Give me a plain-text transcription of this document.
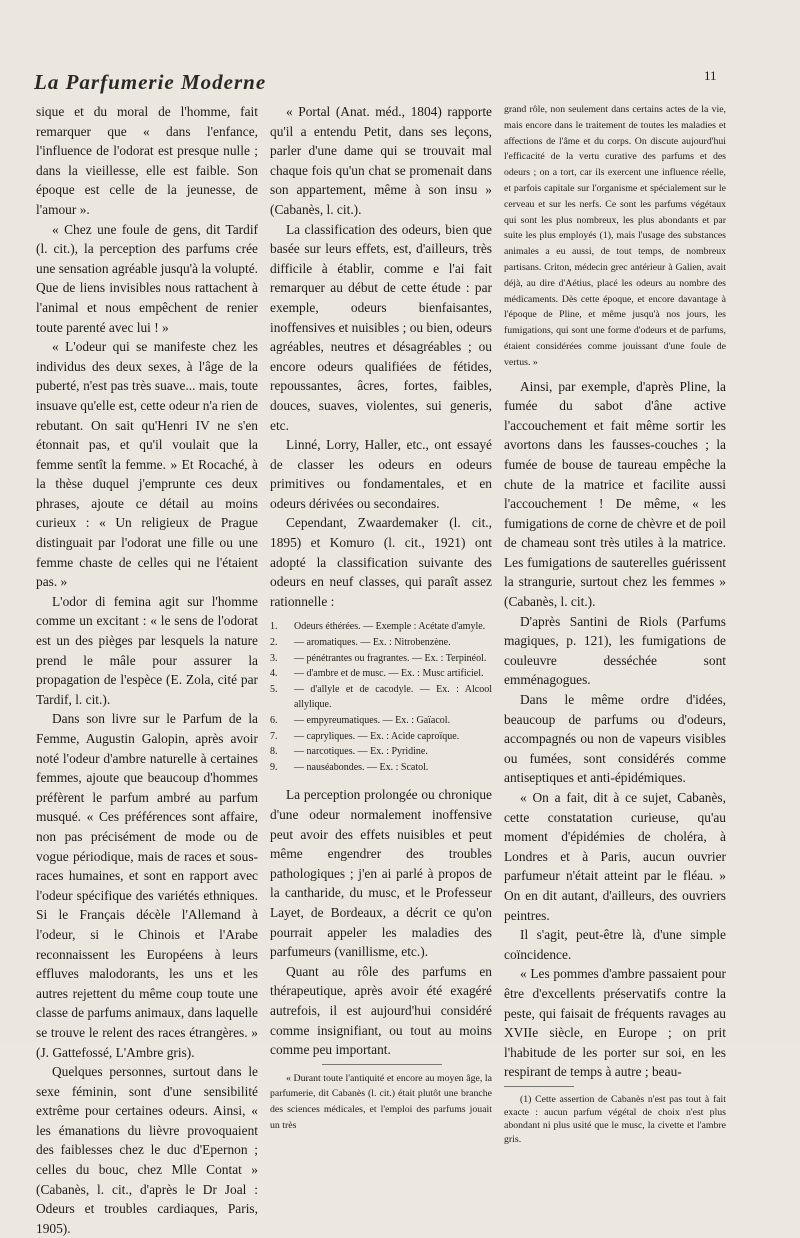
La Parfumerie Moderne	11

sique et du moral de l'homme, fait remarquer que « dans l'enfance, l'influence de l'odorat est presque nulle ; dans la vieillesse, elle est faible. Son époque est celle de la jeunesse, de l'amour ».

« Chez une foule de gens, dit Tardif (l. cit.), la perception des parfums crée une sensation agréable jusqu'à la volupté. Que de liens invisibles nous rattachent à l'animal et nous empêchent de renier toute parenté avec lui ! »

« L'odeur qui se manifeste chez les individus des deux sexes, à l'âge de la puberté, n'est pas très suave... mais, toute insuave qu'elle est, cette odeur n'a rien de rebutant. On sait qu'Henri IV ne s'en étonnait pas, et qu'il voulait que la femme sentît la femme. » Et Rocaché, à la thèse duquel j'emprunte ces deux phrases, ajoute ce détail au moins curieux : « Un religieux de Prague distinguait par l'odorat une fille ou une femme chaste de celles qui ne l'étaient pas. »

L'odor di femina agit sur l'homme comme un excitant : « le sens de l'odorat est un des pièges par lesquels la nature prend le mâle pour assurer la propagation de l'espèce (E. Zola, cité par Tardif, l. cit.).

Dans son livre sur le Parfum de la Femme, Augustin Galopin, après avoir noté l'odeur d'ambre naturelle à certaines femmes, ajoute que beaucoup d'hommes préfèrent le parfum ambré au parfum musqué. « Ces préférences sont affaire, non pas précisément de mode ou de vogue périodique, mais de races et sous-races humaines, et sont en rapport avec l'odeur spécifique des variétés ethniques. Si le Français décèle l'Allemand à l'odeur, si le Chinois et l'Arabe reconnaissent les Européens à leurs effluves malodorants, les uns et les autres rejettent du même coup toute une classe de parfums animaux, dans laquelle se trouve le relent des races étrangères. » (J. Gattefossé, L'Ambre gris).

Quelques personnes, surtout dans le sexe féminin, sont d'une sensibilité extrême pour certaines odeurs. Ainsi, « les émanations du lièvre provoquaient des faiblesses chez le duc d'Epernon ; celles du bouc, chez Mlle Contat » (Cabanès, l. cit., d'après le Dr Joal : Odeurs et troubles cardiaques, Paris, 1905).

« Portal (Anat. méd., 1804) rapporte qu'il a entendu Petit, dans ses leçons, parler d'une dame qui se trouvait mal chaque fois qu'un chat se promenait dans son appartement, même à son insu » (Cabanès, l. cit.).

La classification des odeurs, bien que basée sur leurs effets, est, d'ailleurs, très difficile à établir, comme e l'ai fait remarquer au début de cette étude : par exemple, odeurs bienfaisantes, inoffensives et nuisibles ; ou bien, odeurs agréables, neutres et désagréables ; ou encore odeurs qualifiées de fétides, repoussantes, âcres, fortes, faibles, douces, suaves, violentes, sui generis, etc.

Linné, Lorry, Haller, etc., ont essayé de classer les odeurs en odeurs primitives ou fondamentales, et en odeurs dérivées ou secondaires.

Cependant, Zwaardemaker (l. cit., 1895) et Komuro (l. cit., 1921) ont adopté la classification suivante des odeurs en neuf classes, qui paraît assez rationnelle :

1.	Odeurs éthérées. — Exemple : Acétate d'amyle.
2.	— aromatiques. — Ex. : Nitrobenzène.
3.	— pénétrantes ou fragrantes. — Ex. : Terpinéol.
4.	— d'ambre et de musc. — Ex. : Musc artificiel.
5.	— d'allyle et de cacodyle. — Ex. : Alcool allylique.
6.	— empyreumatiques. — Ex. : Gaïacol.
7.	— capryliques. — Ex. : Acide caproïque.
8.	— narcotiques. — Ex. : Pyridine.
9.	— nauséabondes. — Ex. : Scatol.

La perception prolongée ou chronique d'une odeur normalement inoffensive peut avoir des effets nuisibles et peut même engendrer des troubles pathologiques ; j'en ai parlé à propos de la cantharide, du musc, et le Professeur Layet, de Bordeaux, a décrit ce qu'on pourrait appeler les maladies des parfumeurs (vanillisme, etc.).

Quant au rôle des parfums en thérapeutique, après avoir été exagéré autrefois, il est aujourd'hui considéré comme insignifiant, ou tout au moins comme peu important.

« Durant toute l'antiquité et encore au moyen âge, la parfumerie, dit Cabanès (l. cit.) était plutôt une branche des sciences médicales, et l'emploi des parfums jouait un très

grand rôle, non seulement dans certains actes de la vie, mais encore dans le traitement de toutes les maladies et affections de l'âme et du corps. On discute aujourd'hui l'efficacité de la vertu curative des parfums et des odeurs ; on a tort, car ils exercent une influence réelle, et parfois capitale sur l'organisme et spécialement sur le cerveau et sur les nerfs. Ce sont les parfums végétaux qui sont les plus nombreux, les plus abondants et par suite les plus employés (1), mais l'usage des substances animales a eu aussi, de tout temps, de nombreux partisans. Criton, médecin grec antérieur à Galien, avait déjà, au dire d'Aétius, placé les odeurs au nombre des médicaments. Dès cette époque, et encore davantage à l'époque de Pline, et même jusqu'à nos jours, les fumigations, qui sont une forme d'odeurs et de parfums, étaient considérées comme jouissant d'une foule de vertus. »

Ainsi, par exemple, d'après Pline, la fumée du sabot d'âne active l'accouchement et fait même sortir les avortons dans les fausses-couches ; la fumée de bouse de taureau empêche la chute de la matrice et facilite aussi l'accouchement ! De même, « les fumigations de corne de chèvre et de poil de chameau sont très utiles à la matrice. Les fumigations de sauterelles guérissent la strangurie, surtout chez les femmes » (Cabanès, l. cit.).

D'après Santini de Riols (Parfums magiques, p. 121), les fumigations de couleuvre desséchée sont emménagogues.

Dans le même ordre d'idées, beaucoup de parfums ou d'odeurs, accompagnés ou non de vapeurs visibles ou fumées, sont considérés comme antiseptiques et anti-épidémiques.

« On a fait, dit à ce sujet, Cabanès, cette constatation curieuse, qu'au moment d'épidémies de choléra, à Londres et à Paris, aucun ouvrier parfumeur n'était atteint par le fléau. » On en dit autant, d'ailleurs, des ouvriers peintres.

Il s'agit, peut-être là, d'une simple coïncidence.

« Les pommes d'ambre passaient pour être d'excellents préservatifs contre la peste, qui faisait de fréquents ravages au XVIIe siècle, en Europe ; on prit l'habitude de les porter sur soi, en les respirant de temps à autre ; beau-

(1) Cette assertion de Cabanès n'est pas tout à fait exacte : aucun parfum végétal de choix n'est plus abondant ni plus usité que le musc, la civette et l'ambre gris.
